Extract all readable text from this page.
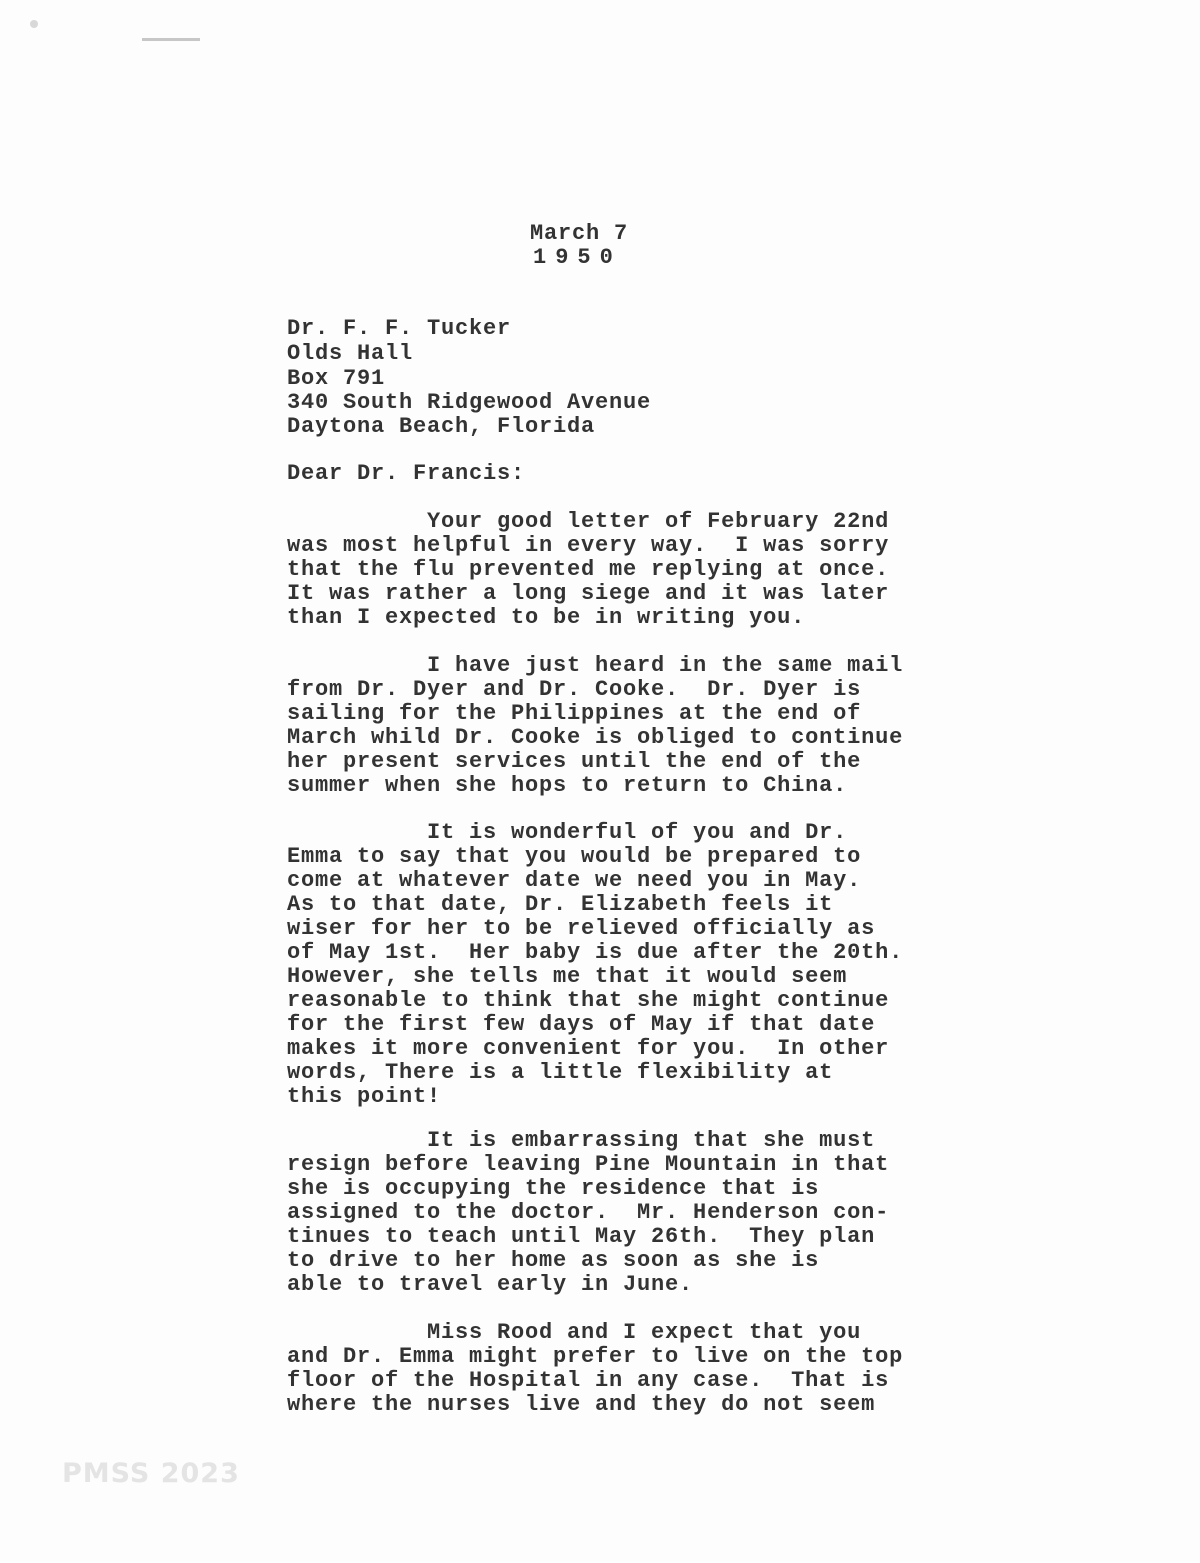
March 7
1950
Dr. F. F. Tucker
Olds Hall
Box 791
340 South Ridgewood Avenue
Daytona Beach, Florida
Dear Dr. Francis:
Your good letter of February 22nd
was most helpful in every way.  I was sorry
that the flu prevented me replying at once.
It was rather a long siege and it was later
than I expected to be in writing you.
I have just heard in the same mail
from Dr. Dyer and Dr. Cooke.  Dr. Dyer is
sailing for the Philippines at the end of
March whild Dr. Cooke is obliged to continue
her present services until the end of the
summer when she hops to return to China.
It is wonderful of you and Dr.
Emma to say that you would be prepared to
come at whatever date we need you in May.
As to that date, Dr. Elizabeth feels it
wiser for her to be relieved officially as
of May 1st.  Her baby is due after the 20th.
However, she tells me that it would seem
reasonable to think that she might continue
for the first few days of May if that date
makes it more convenient for you.  In other
words, There is a little flexibility at
this point!
It is embarrassing that she must
resign before leaving Pine Mountain in that
she is occupying the residence that is
assigned to the doctor.  Mr. Henderson con-
tinues to teach until May 26th.  They plan
to drive to her home as soon as she is
able to travel early in June.
Miss Rood and I expect that you
and Dr. Emma might prefer to live on the top
floor of the Hospital in any case.  That is
where the nurses live and they do not seem
PMSS 2023
